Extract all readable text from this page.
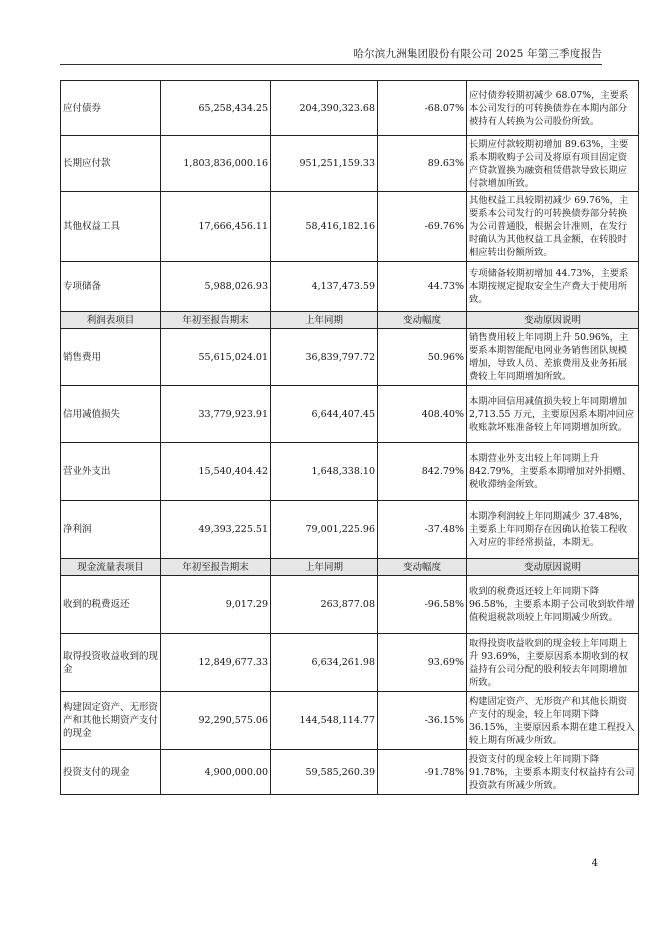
哈尔滨九洲集团股份有限公司 2025 年第三季度报告
应付债券	65,258,434.25	204,390,323.68	-68.07%	应付债券较期初减少 68.07%，主要系本公司发行的可转换债券在本期内部分被持有人转换为公司股份所致。
长期应付款	1,803,836,000.16	951,251,159.33	89.63%	长期应付款较期初增加 89.63%，主要系本期收购子公司及将原有项目固定资产贷款置换为融资租赁借款导致长期应付款增加所致。
其他权益工具	17,666,456.11	58,416,182.16	-69.76%	其他权益工具较期初减少 69.76%，主要系本公司发行的可转换债券部分转换为公司普通股，根据会计准则，在发行时确认为其他权益工具金额，在转股时相应转出份额所致。
专项储备	5,988,026.93	4,137,473.59	44.73%	专项储备较期初增加 44.73%，主要系本期按规定提取安全生产费大于使用所致。
利润表项目	年初至报告期末	上年同期	变动幅度	变动原因说明
销售费用	55,615,024.01	36,839,797.72	50.96%	销售费用较上年同期上升 50.96%，主要系本期智能配电网业务销售团队规模增加，导致人员、差旅费用及业务拓展费较上年同期增加所致。
信用减值损失	33,779,923.91	6,644,407.45	408.40%	本期冲回信用减值损失较上年同期增加 2,713.55 万元，主要原因系本期冲回应收账款坏账准备较上年同期增加所致。
营业外支出	15,540,404.42	1,648,338.10	842.79%	本期营业外支出较上年同期上升842.79%，主要系本期增加对外捐赠、税收滞纳金所致。
净利润	49,393,225.51	79,001,225.96	-37.48%	本期净利润较上年同期减少 37.48%，主要系上年同期存在因确认抢装工程收入对应的非经常损益，本期无。
现金流量表项目	年初至报告期末	上年同期	变动幅度	变动原因说明
收到的税费返还	9,017.29	263,877.08	-96.58%	收到的税费返还较上年同期下降96.58%，主要系本期子公司收到软件增值税退税款项较上年同期减少所致。
取得投资收益收到的现金	12,849,677.33	6,634,261.98	93.69%	取得投资收益收到的现金较上年同期上升 93.69%，主要原因系本期收到的权益持有公司分配的股利较去年同期增加所致。
构建固定资产、无形资产和其他长期资产支付的现金	92,290,575.06	144,548,114.77	-36.15%	构建固定资产、无形资产和其他长期资产支付的现金，较上年同期下降36.15%，主要原因系本期在建工程投入较上期有所减少所致。
投资支付的现金	4,900,000.00	59,585,260.39	-91.78%	投资支付的现金较上年同期下降91.78%，主要系本期支付权益持有公司投资款有所减少所致。
4
